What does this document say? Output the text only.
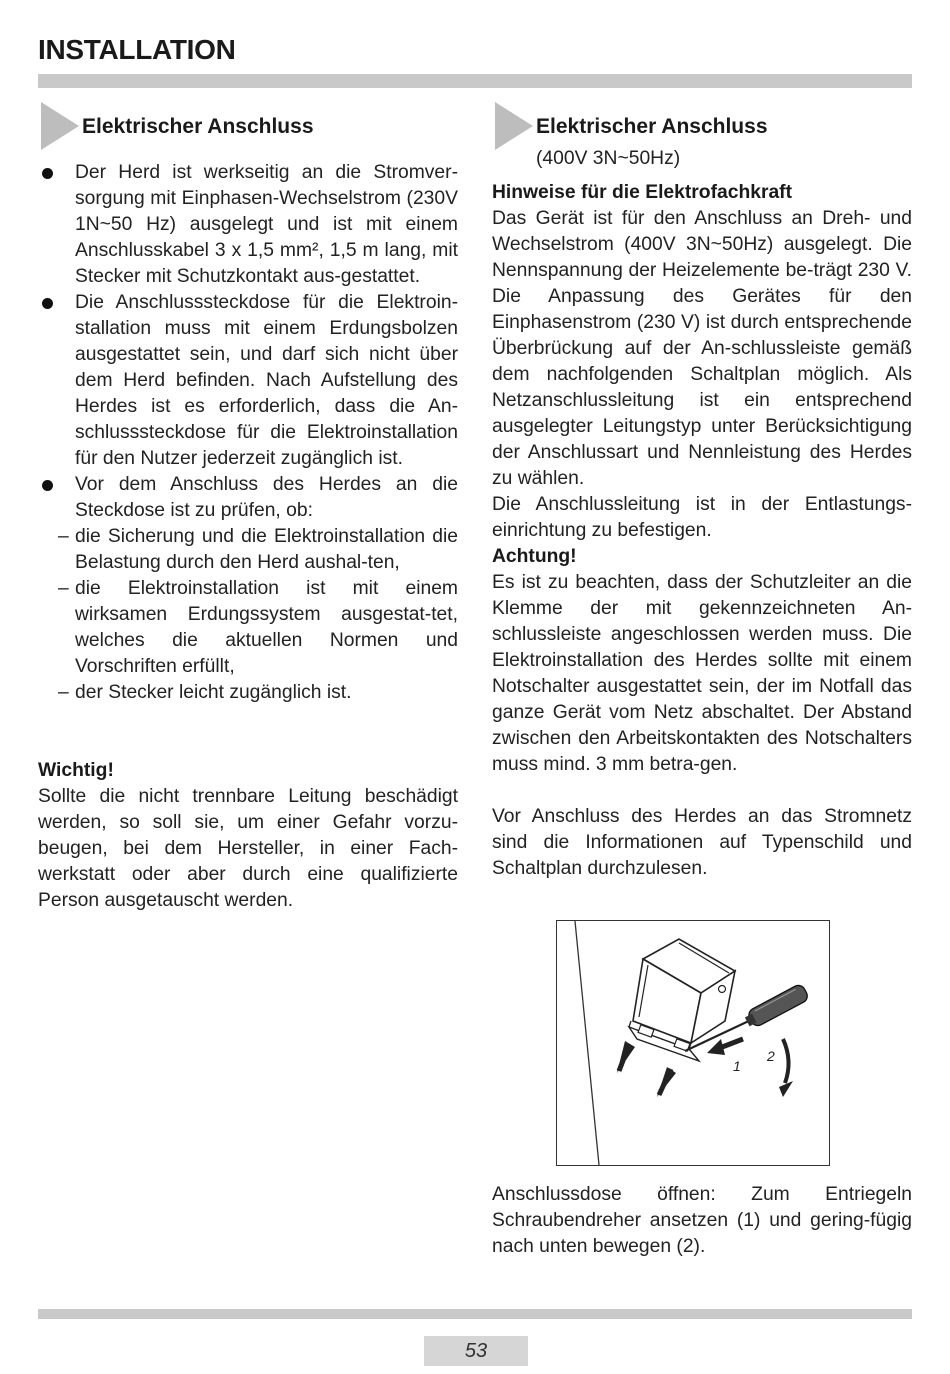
INSTALLATION
Elektrischer Anschluss
Der Herd ist werkseitig an die Stromver-sorgung mit Einphasen-Wechselstrom (230V 1N~50 Hz) ausgelegt und ist mit einem Anschlusskabel 3 x 1,5 mm², 1,5 m lang, mit Stecker mit Schutzkontakt aus-gestattet.
Die Anschlusssteckdose für die Elektroin-stallation muss mit einem Erdungsbolzen ausgestattet sein, und darf sich nicht über dem Herd befinden. Nach Aufstellung des Herdes ist es erforderlich, dass die An-schlusssteckdose für die Elektroinstallation für den Nutzer jederzeit zugänglich ist.
Vor dem Anschluss des Herdes an die Steckdose ist zu prüfen, ob:
– die Sicherung und die Elektroinstallation die Belastung durch den Herd aushal-ten,
– die Elektroinstallation ist mit einem wirksamen Erdungssystem ausgestat-tet, welches die aktuellen Normen und Vorschriften erfüllt,
– der Stecker leicht zugänglich ist.
Wichtig!
Sollte die nicht trennbare Leitung beschädigt werden, so soll sie, um einer Gefahr vorzu-beugen, bei dem Hersteller, in einer Fach-werkstatt oder aber durch eine qualifizierte Person ausgetauscht werden.
Elektrischer Anschluss
(400V 3N~50Hz)
Hinweise für die Elektrofachkraft
Das Gerät ist für den Anschluss an Dreh- und Wechselstrom (400V 3N~50Hz) ausgelegt. Die Nennspannung der Heizelemente be-trägt 230 V. Die Anpassung des Gerätes für den Einphasenstrom (230 V) ist durch entsprechende Überbrückung auf der An-schlussleiste gemäß dem nachfolgenden Schaltplan möglich. Als Netzanschlussleitung ist ein entsprechend ausgelegter Leitungstyp unter Berücksichtigung der Anschlussart und Nennleistung des Herdes zu wählen.
Die Anschlussleitung ist in der Entlastungs-einrichtung zu befestigen.
Achtung!
Es ist zu beachten, dass der Schutzleiter an die Klemme der mit gekennzeichneten An-schlussleiste angeschlossen werden muss. Die Elektroinstallation des Herdes sollte mit einem Notschalter ausgestattet sein, der im Notfall das ganze Gerät vom Netz abschaltet. Der Abstand zwischen den Arbeitskontakten des Notschalters muss mind. 3 mm betra-gen.
Vor Anschluss des Herdes an das Stromnetz sind die Informationen auf Typenschild und Schaltplan durchzulesen.
1
2
Anschlussdose öffnen: Zum Entriegeln Schraubendreher ansetzen (1) und gering-fügig nach unten bewegen (2).
53
